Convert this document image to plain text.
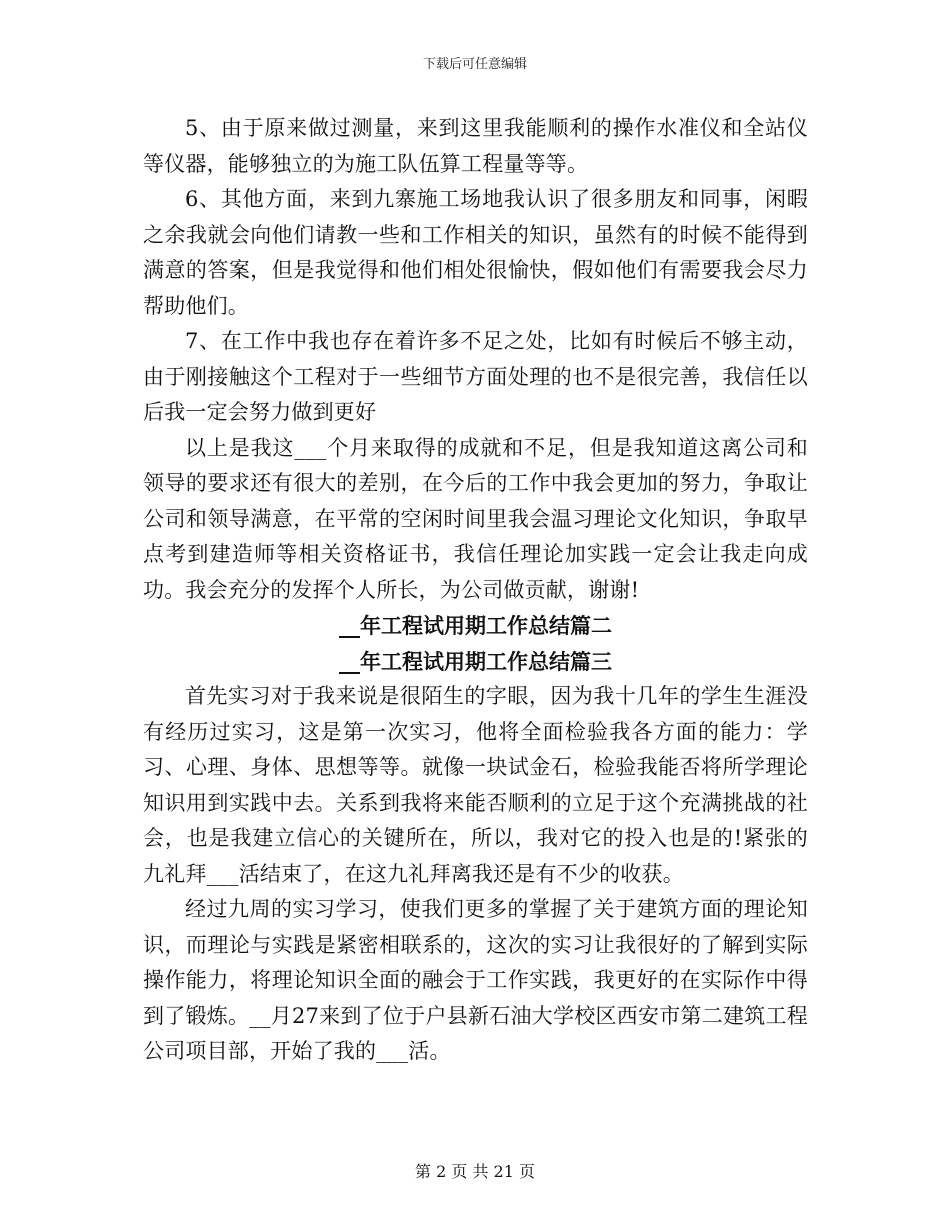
下载后可任意编辑

5、由于原来做过测量，来到这里我能顺利的操作水准仪和全站仪等仪器，能够独立的为施工队伍算工程量等等。

6、其他方面，来到九寨施工场地我认识了很多朋友和同事，闲暇之余我就会向他们请教一些和工作相关的知识，虽然有的时候不能得到满意的答案，但是我觉得和他们相处很愉快，假如他们有需要我会尽力帮助他们。

7、在工作中我也存在着许多不足之处，比如有时候后不够主动，由于刚接触这个工程对于一些细节方面处理的也不是很完善，我信任以后我一定会努力做到更好

以上是我这___个月来取得的成就和不足，但是我知道这离公司和领导的要求还有很大的差别，在今后的工作中我会更加的努力，争取让公司和领导满意，在平常的空闲时间里我会温习理论文化知识，争取早点考到建造师等相关资格证书，我信任理论加实践一定会让我走向成功。我会充分的发挥个人所长，为公司做贡献，谢谢!

__年工程试用期工作总结篇二

__年工程试用期工作总结篇三

首先实习对于我来说是很陌生的字眼，因为我十几年的学生生涯没有经历过实习，这是第一次实习，他将全面检验我各方面的能力：学习、心理、身体、思想等等。就像一块试金石，检验我能否将所学理论知识用到实践中去。关系到我将来能否顺利的立足于这个充满挑战的社会，也是我建立信心的关键所在，所以，我对它的投入也是的!紧张的九礼拜___活结束了，在这九礼拜离我还是有不少的收获。

经过九周的实习学习，使我们更多的掌握了关于建筑方面的理论知识，而理论与实践是紧密相联系的，这次的实习让我很好的了解到实际操作能力，将理论知识全面的融会于工作实践，我更好的在实际作中得到了锻炼。__月27来到了位于户县新石油大学校区西安市第二建筑工程公司项目部，开始了我的___活。

第 2 页 共 21 页
